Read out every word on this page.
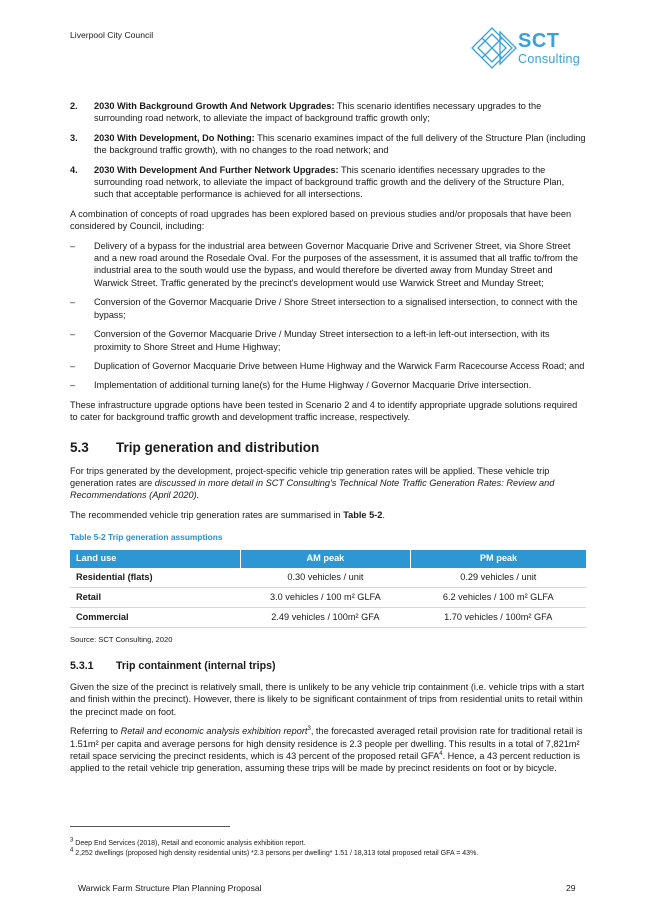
Liverpool City Council	SCT
Consulting
2. 2030 With Background Growth And Network Upgrades: This scenario identifies necessary upgrades to the surrounding road network, to alleviate the impact of background traffic growth only;
3. 2030 With Development, Do Nothing: This scenario examines impact of the full delivery of the Structure Plan (including the background traffic growth), with no changes to the road network; and
4. 2030 With Development And Further Network Upgrades: This scenario identifies necessary upgrades to the surrounding road network, to alleviate the impact of background traffic growth and the delivery of the Structure Plan, such that acceptable performance is achieved for all intersections.

A combination of concepts of road upgrades has been explored based on previous studies and/or proposals that have been considered by Council, including:

– Delivery of a bypass for the industrial area between Governor Macquarie Drive and Scrivener Street, via Shore Street and a new road around the Rosedale Oval. For the purposes of the assessment, it is assumed that all traffic to/from the industrial area to the south would use the bypass, and would therefore be diverted away from Munday Street and Warwick Street. Traffic generated by the precinct's development would use Warwick Street and Munday Street;
– Conversion of the Governor Macquarie Drive / Shore Street intersection to a signalised intersection, to connect with the bypass;
– Conversion of the Governor Macquarie Drive / Munday Street intersection to a left-in left-out intersection, with its proximity to Shore Street and Hume Highway;
– Duplication of Governor Macquarie Drive between Hume Highway and the Warwick Farm Racecourse Access Road; and
– Implementation of additional turning lane(s) for the Hume Highway / Governor Macquarie Drive intersection.

These infrastructure upgrade options have been tested in Scenario 2 and 4 to identify appropriate upgrade solutions required to cater for background traffic growth and development traffic increase, respectively.

5.3 Trip generation and distribution

For trips generated by the development, project-specific vehicle trip generation rates will be applied. These vehicle trip generation rates are discussed in more detail in SCT Consulting's Technical Note Traffic Generation Rates: Review and Recommendations (April 2020).

The recommended vehicle trip generation rates are summarised in Table 5-2.

Table 5-2 Trip generation assumptions
Land use	AM peak	PM peak
Residential (flats)	0.30 vehicles / unit	0.29 vehicles / unit
Retail	3.0 vehicles / 100 m² GLFA	6.2 vehicles / 100 m² GLFA
Commercial	2.49 vehicles / 100m² GFA	1.70 vehicles / 100m² GFA
Source: SCT Consulting, 2020
5.3.1 Trip containment (internal trips)

Given the size of the precinct is relatively small, there is unlikely to be any vehicle trip containment (i.e. vehicle trips with a start and finish within the precinct). However, there is likely to be significant containment of trips from residential units to retail within the precinct made on foot.

Referring to Retail and economic analysis exhibition report$^3$, the forecasted averaged retail provision rate for traditional retail is 1.51m² per capita and average persons for high density residence is 2.3 people per dwelling. This results in a total of 7,821m² retail space servicing the precinct residents, which is 43 percent of the proposed retail GFA$^4$. Hence, a 43 percent reduction is applied to the retail vehicle trip generation, assuming these trips will be made by precinct residents on foot or by bicycle.

$^3$ Deep End Services (2018), Retail and economic analysis exhibition report.
$^4$ 2,252 dwellings (proposed high density residential units) *2.3 persons per dwelling* 1.51 / 18,313 total proposed retail GFA = 43%.
Warwick Farm Structure Plan Planning Proposal	29
